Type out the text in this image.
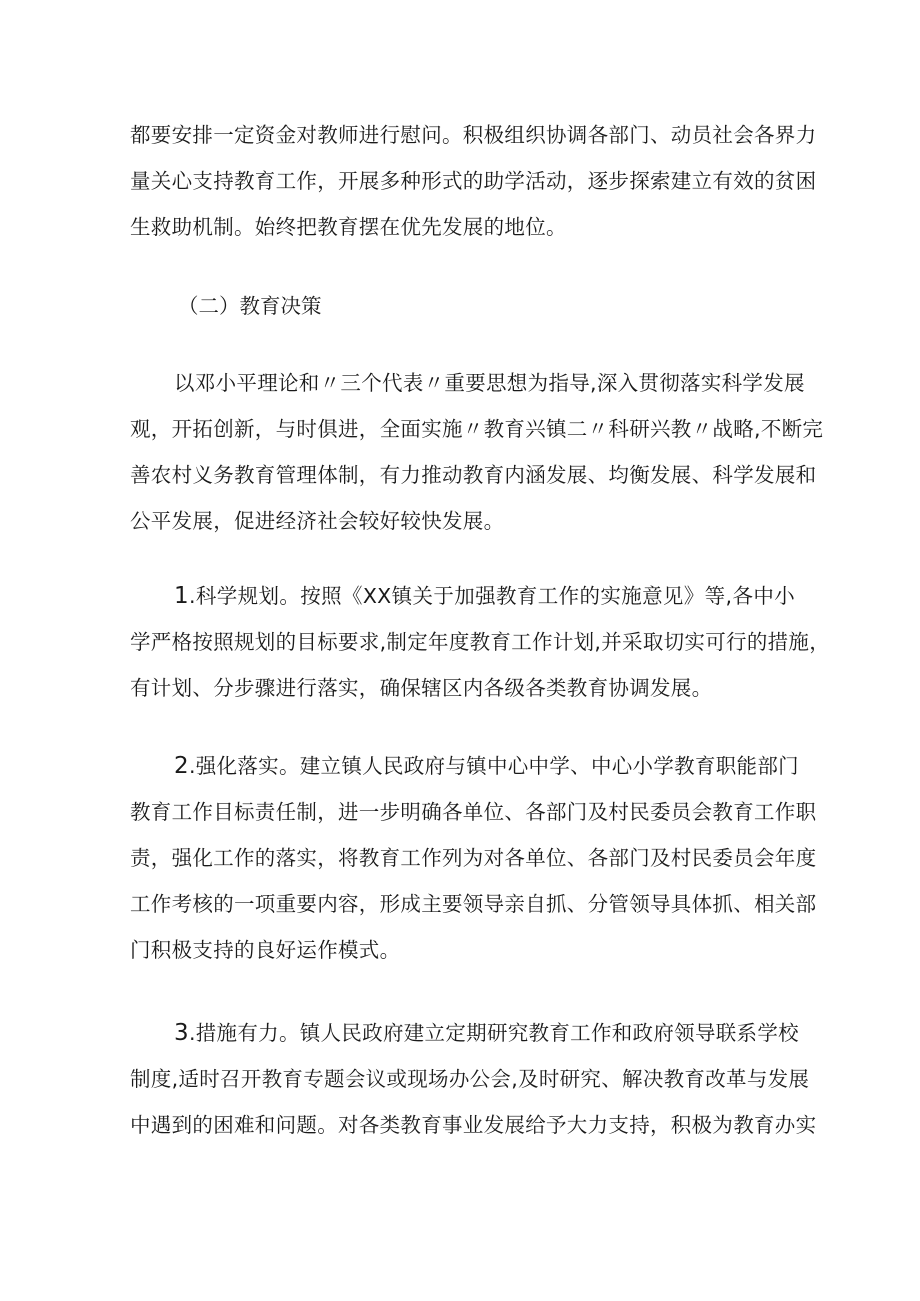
都要安排一定资金对教师进行慰问。积极组织协调各部门、动员社会各界力
量关心支持教育工作，开展多种形式的助学活动，逐步探索建立有效的贫困
生救助机制。始终把教育摆在优先发展的地位。

（二）教育决策

以邓小平理论和〃三个代表〃重要思想为指导,深入贯彻落实科学发展
观，开拓创新，与时俱进，全面实施〃教育兴镇二〃科研兴教〃战略,不断完
善农村义务教育管理体制，有力推动教育内涵发展、均衡发展、科学发展和
公平发展，促进经济社会较好较快发展。
1.科学规划。按照《XX镇关于加强教育工作的实施意见》等,各中小
学严格按照规划的目标要求,制定年度教育工作计划,并采取切实可行的措施，
有计划、分步骤进行落实，确保辖区内各级各类教育协调发展。
2.强化落实。建立镇人民政府与镇中心中学、中心小学教育职能部门
教育工作目标责任制，进一步明确各单位、各部门及村民委员会教育工作职
责，强化工作的落实，将教育工作列为对各单位、各部门及村民委员会年度
工作考核的一项重要内容，形成主要领导亲自抓、分管领导具体抓、相关部
门积极支持的良好运作模式。
3.措施有力。镇人民政府建立定期研究教育工作和政府领导联系学校
制度,适时召开教育专题会议或现场办公会,及时研究、解决教育改革与发展
中遇到的困难和问题。对各类教育事业发展给予大力支持，积极为教育办实
